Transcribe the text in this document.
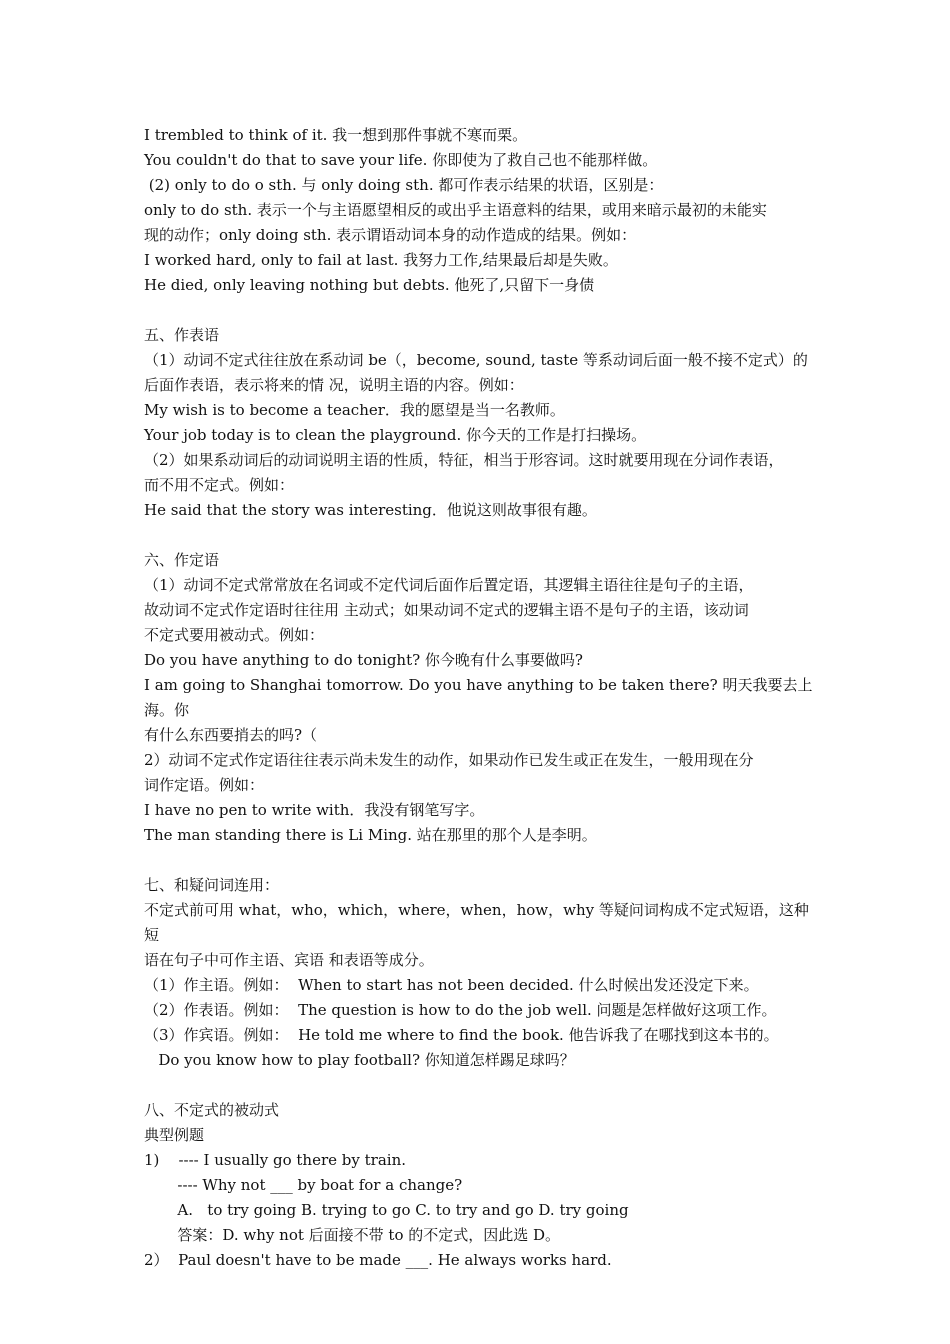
I trembled to think of it. 我一想到那件事就不寒而栗。
You couldn't do that to save your life. 你即使为了救自己也不能那样做。
(2) only to do o sth. 与 only doing sth. 都可作表示结果的状语，区别是：
only to do sth. 表示一个与主语愿望相反的或出乎主语意料的结果，或用来暗示最初的未能实
现的动作；only doing sth. 表示谓语动词本身的动作造成的结果。例如：
I worked hard, only to fail at last. 我努力工作,结果最后却是失败。
He died, only leaving nothing but debts. 他死了,只留下一身债
五、作表语
（1）动词不定式往往放在系动词 be（，become, sound, taste 等系动词后面一般不接不定式）的
后面作表语，表示将来的情 况，说明主语的内容。例如：
My wish is to become a teacher．我的愿望是当一名教师。
Your job today is to clean the playground. 你今天的工作是打扫操场。
（2）如果系动词后的动词说明主语的性质，特征，相当于形容词。这时就要用现在分词作表语，
而不用不定式。例如：
He said that the story was interesting．他说这则故事很有趣。
六、作定语
（1）动词不定式常常放在名词或不定代词后面作后置定语，其逻辑主语往往是句子的主语，
故动词不定式作定语时往往用 主动式；如果动词不定式的逻辑主语不是句子的主语，该动词
不定式要用被动式。例如：
Do you have anything to do tonight? 你今晚有什么事要做吗?
I am going to Shanghai tomorrow. Do you have anything to be taken there? 明天我要去上海。你
有什么东西要捎去的吗?（
2）动词不定式作定语往往表示尚未发生的动作，如果动作已发生或正在发生，一般用现在分
词作定语。例如：
I have no pen to write with．我没有钢笔写字。
The man standing there is Li Ming. 站在那里的那个人是李明。
七、和疑问词连用：
不定式前可用 what，who，which，where，when，how，why 等疑问词构成不定式短语，这种短
语在句子中可作主语、宾语 和表语等成分。
（1）作主语。例如：  When to start has not been decided. 什么时候出发还没定下来。
（2）作表语。例如：  The question is how to do the job well. 问题是怎样做好这项工作。
（3）作宾语。例如：  He told me where to find the book. 他告诉我了在哪找到这本书的。
Do you know how to play football? 你知道怎样踢足球吗？
八、不定式的被动式
典型例题
1)    ---- I usually go there by train.
---- Why not ___ by boat for a change?
A.   to try going B. trying to go C. to try and go D. try going
答案：D. why not 后面接不带 to 的不定式，因此选 D。
2）  Paul doesn't have to be made ___. He always works hard.
